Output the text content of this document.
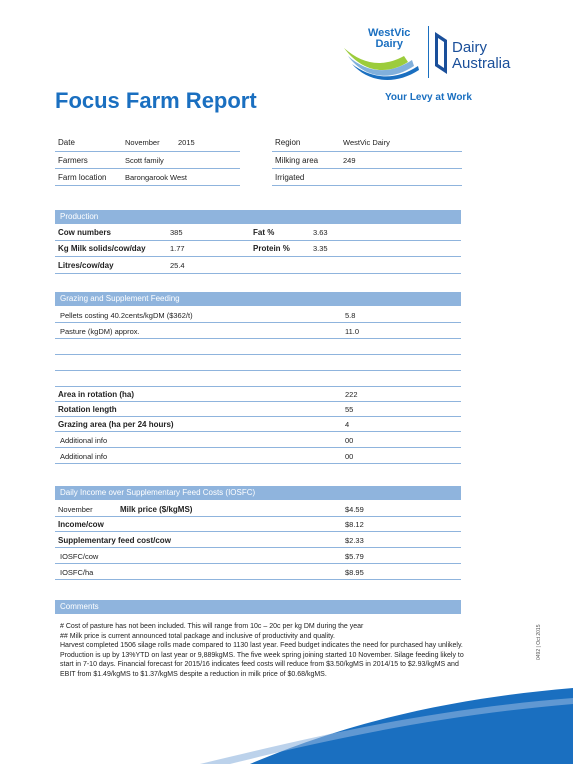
WestVic
Dairy	Dairy
Australia
Your Levy at Work
Focus Farm Report
Date	November 2015
Farmers	Scott family
Farm location Barongarook West
Region	WestVic Dairy
Milking area	249
Irrigated
Production
Cow numbers	385	Fat %	3.63
Kg Milk solids/cow/day	1.77	Protein %	3.35
Litres/cow/day	25.4
Grazing and Supplement Feeding
Pellets costing 40.2cents/kgDM ($362/t)	5.8
Pasture (kgDM) approx.	11.0
Area in rotation (ha)	222
Rotation length	55
Grazing area (ha per 24 hours)	4
Additional info	00
Additional info	00
Daily Income over Supplementary Feed Costs (IOSFC)
November	Milk price ($/kgMS)	$4.59
Income/cow	$8.12
Supplementary feed cost/cow	$2.33
IOSFC/cow	$5.79
IOSFC/ha	$8.95
Comments
# Cost of pasture has not been included. This will range from 10c – 20c per kg DM during the year
## Milk price is current announced total package and inclusive of productivity and quality.
Harvest completed 1506 silage rolls made compared to 1130 last year. Feed budget indicates the need for purchased hay unlikely. Production is up by 13%YTD on last year or 9,889kgMS. The five week spring joining started 10 November. Silage feeding likely to start in 7-10 days. Financial forecast for 2015/16 indicates feed costs will reduce from $3.50/kgMS in 2014/15 to $2.93/kgMS and EBIT from $1.49/kgMS to $1.37/kgMS despite a reduction in milk price of $0.68/kgMS.
0492 | Oct 2015
